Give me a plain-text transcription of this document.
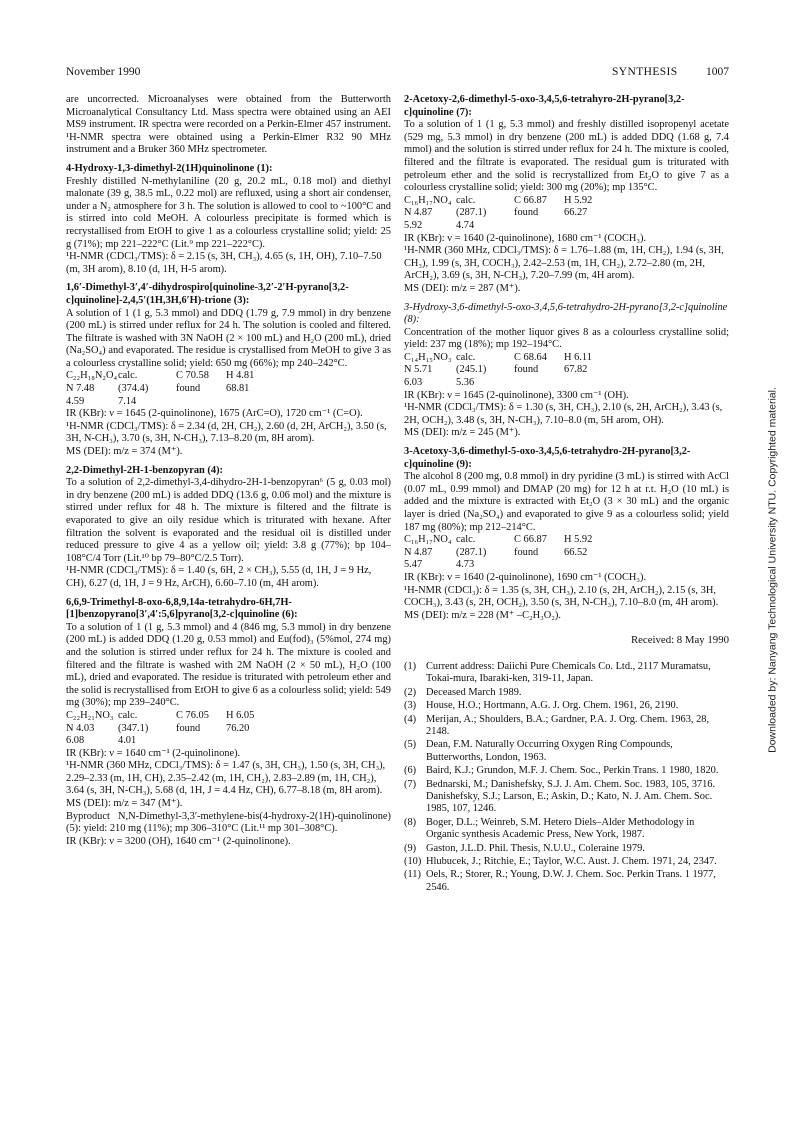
November 1990	SYNTHESIS 1007

are uncorrected. Microanalyses were obtained from the Butterworth Microanalytical Consultancy Ltd. Mass spectra were obtained using an AEI MS9 instrument. IR spectra were recorded on a Perkin-Elmer 457 instrument. ¹H-NMR spectra were obtained using a Perkin-Elmer R32 90 MHz instrument and a Bruker 360 MHz spectrometer.

4-Hydroxy-1,3-dimethyl-2(1H)quinolinone (1):

Freshly distilled N-methylaniline (20 g, 20.2 mL, 0.18 mol) and diethyl malonate (39 g, 38.5 mL, 0.22 mol) are refluxed, using a short air condenser, under a N₂ atmosphere for 3 h. The solution is allowed to cool to ~100°C and is stirred into cold MeOH. A colourless precipitate is formed which is recrystallised from EtOH to give 1 as a colourless crystalline solid; yield: 25 g (71%); mp 221–222°C (Lit.⁹ mp 221–222°C).

¹H-NMR (CDCl₃/TMS): δ = 2.15 (s, 3H, CH₃), 4.65 (s, 1H, OH), 7.10–7.50 (m, 3H arom), 8.10 (d, 1H, H-5 arom).

1,6′-Dimethyl-3′,4′-dihydrospiro[quinoline-3,2′-2′H-pyrano[3,2-c]quinoline]-2,4,5′(1H,3H,6′H)-trione (3):

A solution of 1 (1 g, 5.3 mmol) and DDQ (1.79 g, 7.9 mmol) in dry benzene (200 mL) is stirred under reflux for 24 h. The solution is cooled and filtered. The filtrate is washed with 3N NaOH (2 × 100 mL) and H₂O (200 mL), dried (Na₂SO₄) and evaporated. The residue is crystallised from MeOH to give 3 as a colourless crystalline solid; yield: 650 mg (66%); mp 240–242°C.

C₂₂H₁₈N₂O₄ calc.	C 70.58	H 4.81
N 7.48	(374.4)	found	68.81
4.59	7.14

IR (KBr): ν = 1645 (2-quinolinone), 1675 (ArC=O), 1720 cm⁻¹ (C=O).

¹H-NMR (CDCl₃/TMS): δ = 2.34 (d, 2H, CH₂), 2.60 (d, 2H, ArCH₂), 3.50 (s, 3H, N-CH₃), 3.70 (s, 3H, N-CH₃), 7.13–8.20 (m, 8H arom).

MS (DEI): m/z = 374 (M⁺).

2,2-Dimethyl-2H-1-benzopyran (4):

To a solution of 2,2-dimethyl-3,4-dihydro-2H-1-benzopyran⁶ (5 g, 0.03 mol) in dry benzene (200 mL) is added DDQ (13.6 g, 0.06 mol) and the mixture is stirred under reflux for 48 h. The mixture is filtered and the filtrate is evaporated to give an oily residue which is triturated with hexane. After filtration the solvent is evaporated and the residual oil is distilled under reduced pressure to give 4 as a yellow oil; yield: 3.8 g (77%); bp 104–108°C/4 Torr (Lit.¹⁰ bp 79–80°C/2.5 Torr).

¹H-NMR (CDCl₃/TMS): δ = 1.40 (s, 6H, 2 × CH₃), 5.55 (d, 1H, J = 9 Hz, CH), 6.27 (d, 1H, J = 9 Hz, ArCH), 6.60–7.10 (m, 4H arom).

6,6,9-Trimethyl-8-oxo-6,8,9,14a-tetrahydro-6H,7H-[1]benzopyrano[3′,4′:5,6]pyrano[3,2-c]quinoline (6):

To a solution of 1 (1 g, 5.3 mmol) and 4 (846 mg, 5.3 mmol) in dry benzene (200 mL) is added DDQ (1.20 g, 0.53 mmol) and Eu(fod)₃ (5%mol, 274 mg) and the solution is stirred under reflux for 24 h. The mixture is cooled and filtered and the filtrate is washed with 2M NaOH (2 × 50 mL), H₂O (100 mL), dried and evaporated. The residue is triturated with petroleum ether and the solid is recrystallised from EtOH to give 6 as a colourless solid; yield: 549 mg (30%); mp 239–240°C.

C₂₂H₂₁NO₃ calc.	C 76.05	H 6.05
N 4.03	(347.1)	found	76.20
6.08	4.01

IR (KBr): ν = 1640 cm⁻¹ (2-quinolinone).

¹H-NMR (360 MHz, CDCl₃/TMS): δ = 1.47 (s, 3H, CH₃), 1.50 (s, 3H, CH₃), 2.29–2.33 (m, 1H, CH), 2.35–2.42 (m, 1H, CH₂), 2.83–2.89 (m, 1H, CH₂), 3.64 (s, 3H, N-CH₃), 5.68 (d, 1H, J = 4.4 Hz, CH), 6.77–8.18 (m, 8H arom).

MS (DEI): m/z = 347 (M⁺).

Byproduct N,N-Dimethyl-3,3′-methylene-bis(4-hydroxy-2(1H)-quinolinone) (5): yield: 210 mg (11%); mp 306–310°C (Lit.¹¹ mp 301–308°C).

IR (KBr): ν = 3200 (OH), 1640 cm⁻¹ (2-quinolinone).

2-Acetoxy-2,6-dimethyl-5-oxo-3,4,5,6-tetrahyro-2H-pyrano[3,2-c]quinoline (7):

To a solution of 1 (1 g, 5.3 mmol) and freshly distilled isopropenyl acetate (529 mg, 5.3 mmol) in dry benzene (200 mL) is added DDQ (1.68 g, 7.4 mmol) and the solution is stirred under reflux for 24 h. The mixture is cooled, filtered and the filtrate is evaporated. The residual gum is triturated with petroleum ether and the solid is recrystallized from Et₂O to give 7 as a colourless crystalline solid; yield: 300 mg (20%); mp 135°C.

C₁₆H₁₇NO₄ calc.	C 66.87	H 5.92
N 4.87	(287.1)	found	66.27
5.92	4.74

IR (KBr): ν = 1640 (2-quinolinone), 1680 cm⁻¹ (COCH₃).

¹H-NMR (360 MHz, CDCl₃/TMS): δ = 1.76–1.88 (m, 1H, CH₂), 1.94 (s, 3H, CH₃), 1.99 (s, 3H, COCH₃), 2.42–2.53 (m, 1H, CH₂), 2.72–2.80 (m, 2H, ArCH₂), 3.69 (s, 3H, N-CH₃), 7.20–7.99 (m, 4H arom).

MS (DEI): m/z = 287 (M⁺).

3-Hydroxy-3,6-dimethyl-5-oxo-3,4,5,6-tetrahydro-2H-pyrano[3,2-c]quinoline (8):

Concentration of the mother liquor gives 8 as a colourless crystalline solid; yield: 237 mg (18%); mp 192–194°C.

C₁₄H₁₅NO₃ calc.	C 68.64	H 6.11
N 5.71	(245.1)	found	67.82
6.03	5.36

IR (KBr): ν = 1645 (2-quinolinone), 3300 cm⁻¹ (OH).

¹H-NMR (CDCl₃/TMS): δ = 1.30 (s, 3H, CH₃), 2.10 (s, 2H, ArCH₂), 3.43 (s, 2H, OCH₂), 3.48 (s, 3H, N-CH₃), 7.10–8.0 (m, 5H arom, OH).

MS (DEI): m/z = 245 (M⁺).

3-Acetoxy-3,6-dimethyl-5-oxo-3,4,5,6-tetrahydro-2H-pyrano[3,2-c]quinoline (9):

The alcohol 8 (200 mg, 0.8 mmol) in dry pyridine (3 mL) is stirred with AcCl (0.07 mL, 0.99 mmol) and DMAP (20 mg) for 12 h at r.t. H₂O (10 mL) is added and the mixture is extracted with Et₂O (3 × 30 mL) and the organic layer is dried (Na₂SO₄) and evaporated to give 9 as a colourless solid; yield 187 mg (80%); mp 212–214°C.

C₁₆H₁₇NO₄ calc.	C 66.87	H 5.92
N 4.87	(287.1)	found	66.52
5.47	4.73

IR (KBr): ν = 1640 (2-quinolinone), 1690 cm⁻¹ (COCH₃).

¹H-NMR (CDCl₃): δ = 1.35 (s, 3H, CH₃), 2.10 (s, 2H, ArCH₂), 2.15 (s, 3H, COCH₃), 3.43 (s, 2H, OCH₂), 3.50 (s, 3H, N-CH₃), 7.10–8.0 (m, 4H arom).

MS (DEI): m/z = 228 (M⁺ –C₂H₃O₂).

Received: 8 May 1990
(1) Current address: Daiichi Pure Chemicals Co. Ltd., 2117 Muramatsu, Tokai-mura, Ibaraki-ken, 319-11, Japan.
(2) Deceased March 1989.
(3) House, H.O.; Hortmann, A.G. J. Org. Chem. 1961, 26, 2190.
(4) Merijan, A.; Shoulders, B.A.; Gardner, P.A. J. Org. Chem. 1963, 28, 2148.
(5) Dean, F.M. Naturally Occurring Oxygen Ring Compounds, Butterworths, London, 1963.
(6) Baird, K.J.; Grundon, M.F. J. Chem. Soc., Perkin Trans. 1 1980, 1820.
(7) Bednarski, M.; Danishefsky, S.J. J. Am. Chem. Soc. 1983, 105, 3716. Danishefsky, S.J.; Larson, E.; Askin, D.; Kato, N. J. Am. Chem. Soc. 1985, 107, 1246.
(8) Boger, D.L.; Weinreb, S.M. Hetero Diels–Alder Methodology in Organic synthesis Academic Press, New York, 1987.
(9) Gaston, J.L.D. Phil. Thesis, N.U.U., Coleraine 1979.
(10) Hlubucek, J.; Ritchie, E.; Taylor, W.C. Aust. J. Chem. 1971, 24, 2347.
(11) Oels, R.; Storer, R.; Young, D.W. J. Chem. Soc. Perkin Trans. 1 1977, 2546.
Downloaded by: Nanyang Technological University NTU. Copyrighted material.
